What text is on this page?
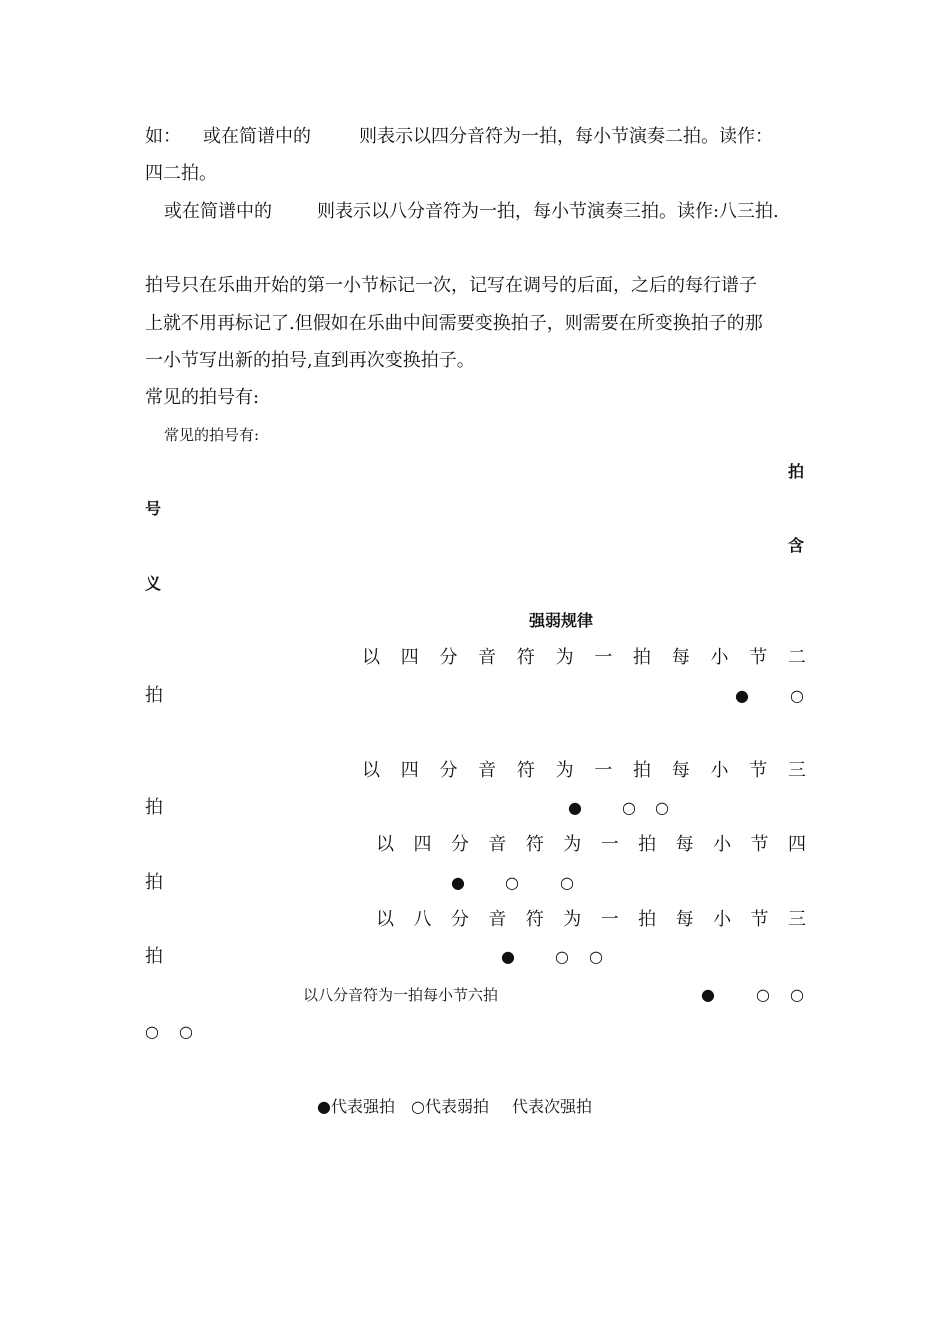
如： 或在简谱中的	则表示以四分音符为一拍，每小节演奏二拍。读作：
四二拍。
或在简谱中的	则表示以八分音符为一拍，每小节演奏三拍。读作:八三拍.
拍号只在乐曲开始的第一小节标记一次，记写在调号的后面，之后的每行谱子
上就不用再标记了.但假如在乐曲中间需要变换拍子，则需要在所变换拍子的那
一小节写出新的拍号,直到再次变换拍子。
常见的拍号有:
常见的拍号有:
拍
号
含
义
强弱规律
以 四 分 音 符 为 一 拍 每 小 节 二
拍	●	○
以 四 分 音 符 为 一 拍 每 小 节 三
拍	●	○ ○
以 四 分 音 符 为 一 拍 每 小 节 四
拍	●	○	○
以 八 分 音 符 为 一 拍 每 小 节 三
拍	●	○ ○
以八分音符为一拍每小节六拍	●	○ ○
○ ○
●代表强拍 ○代表弱拍 代表次强拍
